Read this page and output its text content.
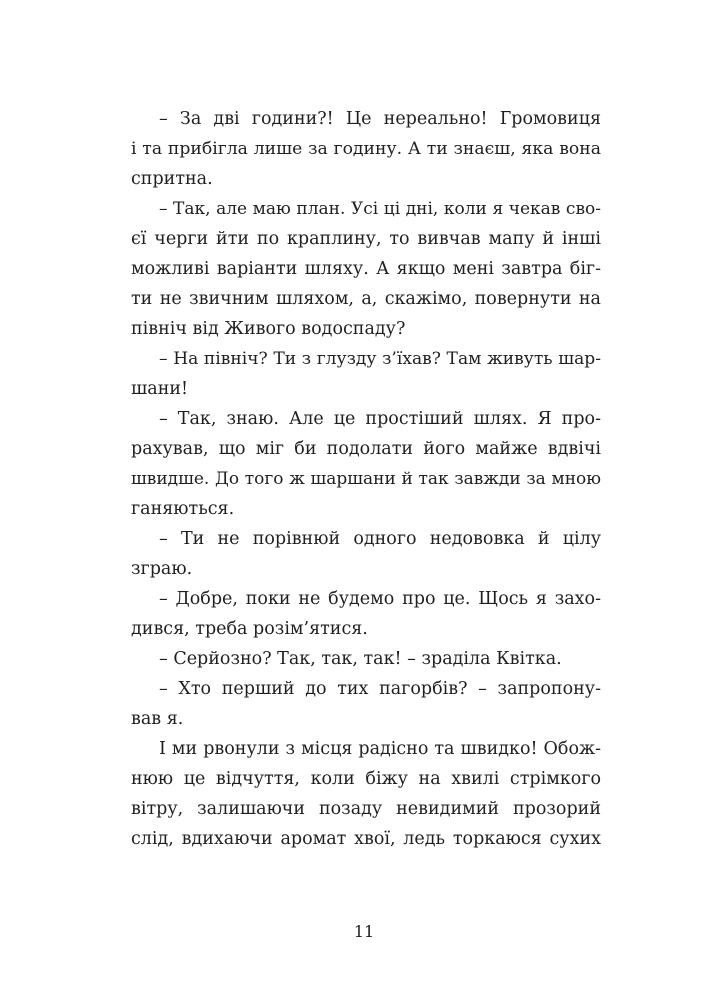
– За дві години?! Це нереально! Громовиця
і та прибігла лише за годину. А ти знаєш, яка вона
спритна.
– Так, але маю план. Усі ці дні, коли я чекав сво-
єї черги йти по краплину, то вивчав мапу й інші
можливі варіанти шляху. А якщо мені завтра біг-
ти не звичним шляхом, а, скажімо, повернути на
північ від Живого водоспаду?
– На північ? Ти з глузду з’їхав? Там живуть шар-
шани!
– Так, знаю. Але це простіший шлях. Я про-
рахував, що міг би подолати його майже вдвічі
швидше. До того ж шаршани й так завжди за мною
ганяються.
– Ти не порівнюй одного недововка й цілу
зграю.
– Добре, поки не будемо про це. Щось я захо-
дився, треба розім’ятися.
– Серйозно? Так, так, так! – зраділа Квітка.
– Хто перший до тих пагорбів? – запропону-
вав я.
І ми рвонули з місця радісно та швидко! Обож-
нюю це відчуття, коли біжу на хвилі стрімкого
вітру, залишаючи позаду невидимий прозорий
слід, вдихаючи аромат хвої, ледь торкаюся сухих
11
